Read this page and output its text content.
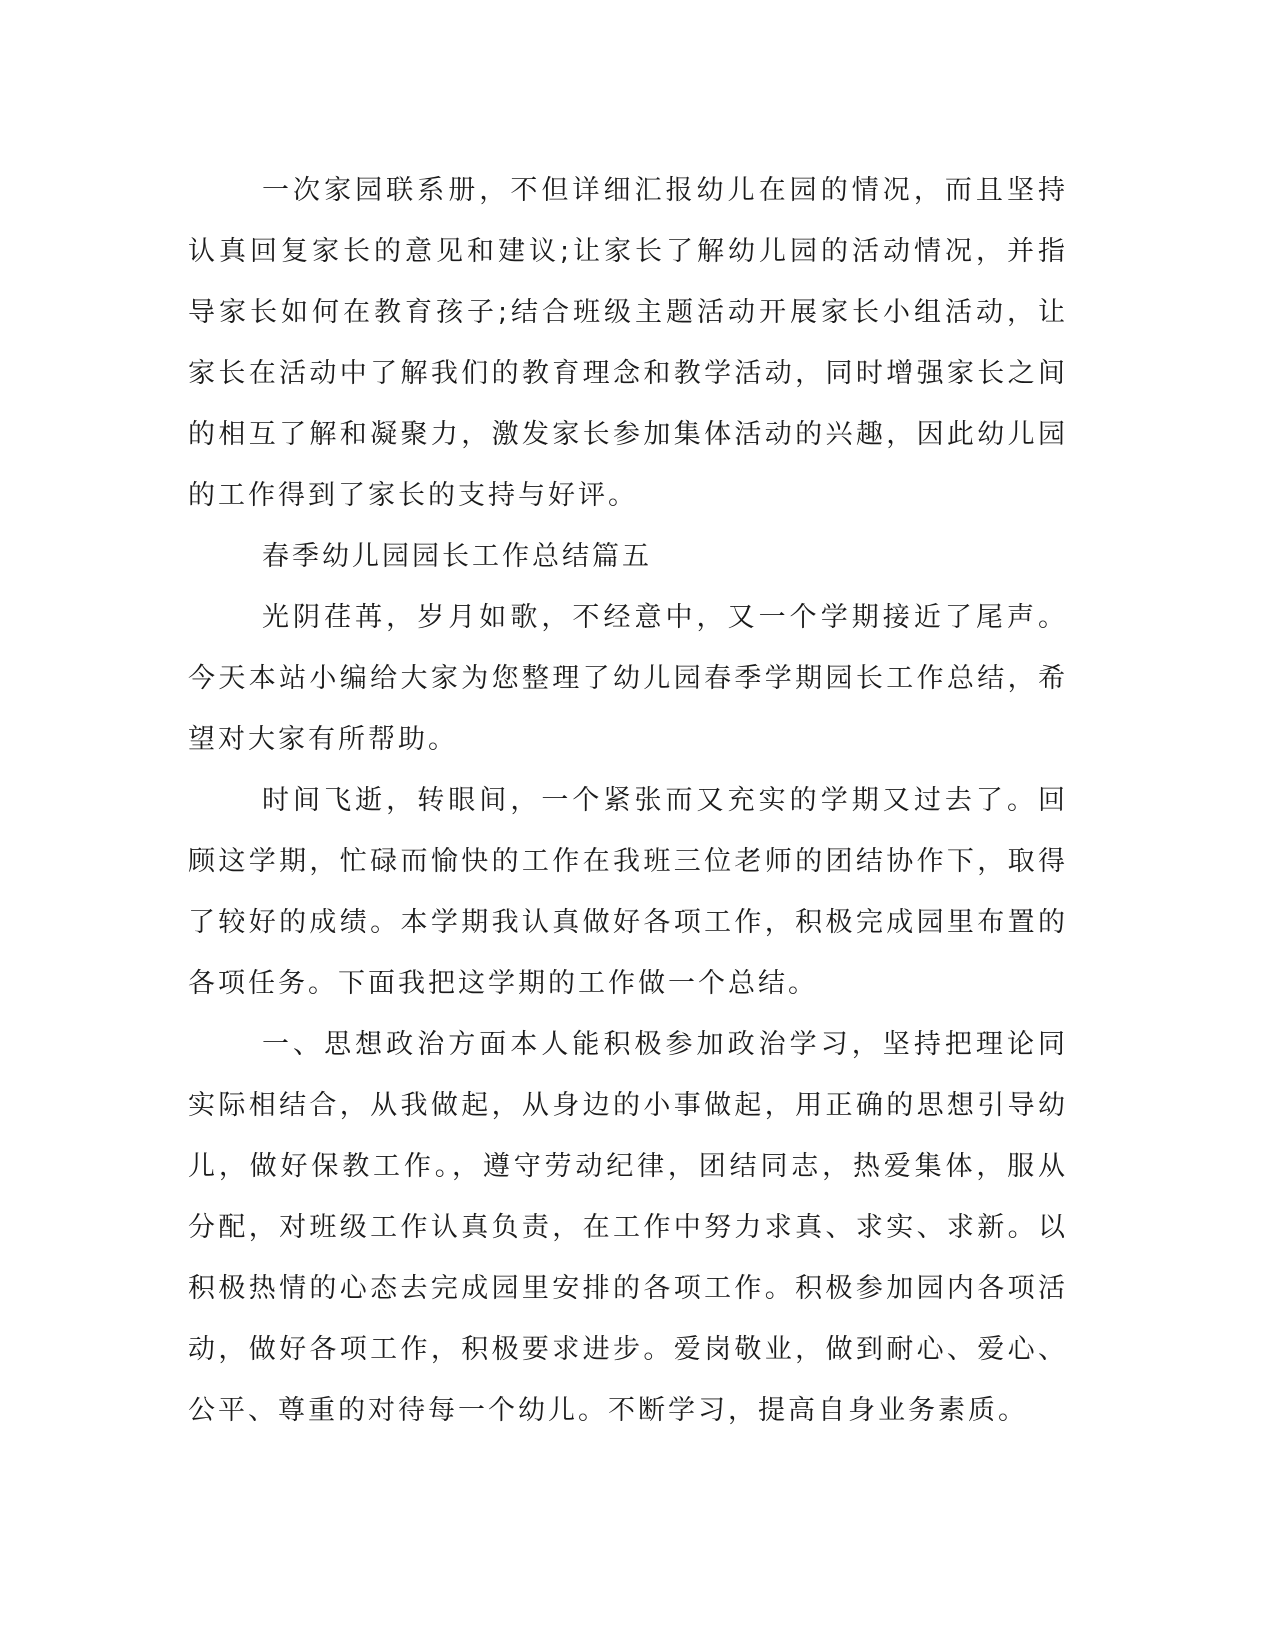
一次家园联系册，不但详细汇报幼儿在园的情况，而且坚持认真回复家长的意见和建议;让家长了解幼儿园的活动情况，并指导家长如何在教育孩子;结合班级主题活动开展家长小组活动，让家长在活动中了解我们的教育理念和教学活动，同时增强家长之间的相互了解和凝聚力，激发家长参加集体活动的兴趣，因此幼儿园的工作得到了家长的支持与好评。

春季幼儿园园长工作总结篇五

光阴荏苒，岁月如歌，不经意中，又一个学期接近了尾声。今天本站小编给大家为您整理了幼儿园春季学期园长工作总结，希望对大家有所帮助。

时间飞逝，转眼间，一个紧张而又充实的学期又过去了。回顾这学期，忙碌而愉快的工作在我班三位老师的团结协作下，取得了较好的成绩。本学期我认真做好各项工作，积极完成园里布置的各项任务。下面我把这学期的工作做一个总结。

一、思想政治方面本人能积极参加政治学习，坚持把理论同实际相结合，从我做起，从身边的小事做起，用正确的思想引导幼儿，做好保教工作。，遵守劳动纪律，团结同志，热爱集体，服从分配，对班级工作认真负责，在工作中努力求真、求实、求新。以积极热情的心态去完成园里安排的各项工作。积极参加园内各项活动，做好各项工作，积极要求进步。爱岗敬业，做到耐心、爱心、公平、尊重的对待每一个幼儿。不断学习，提高自身业务素质。
